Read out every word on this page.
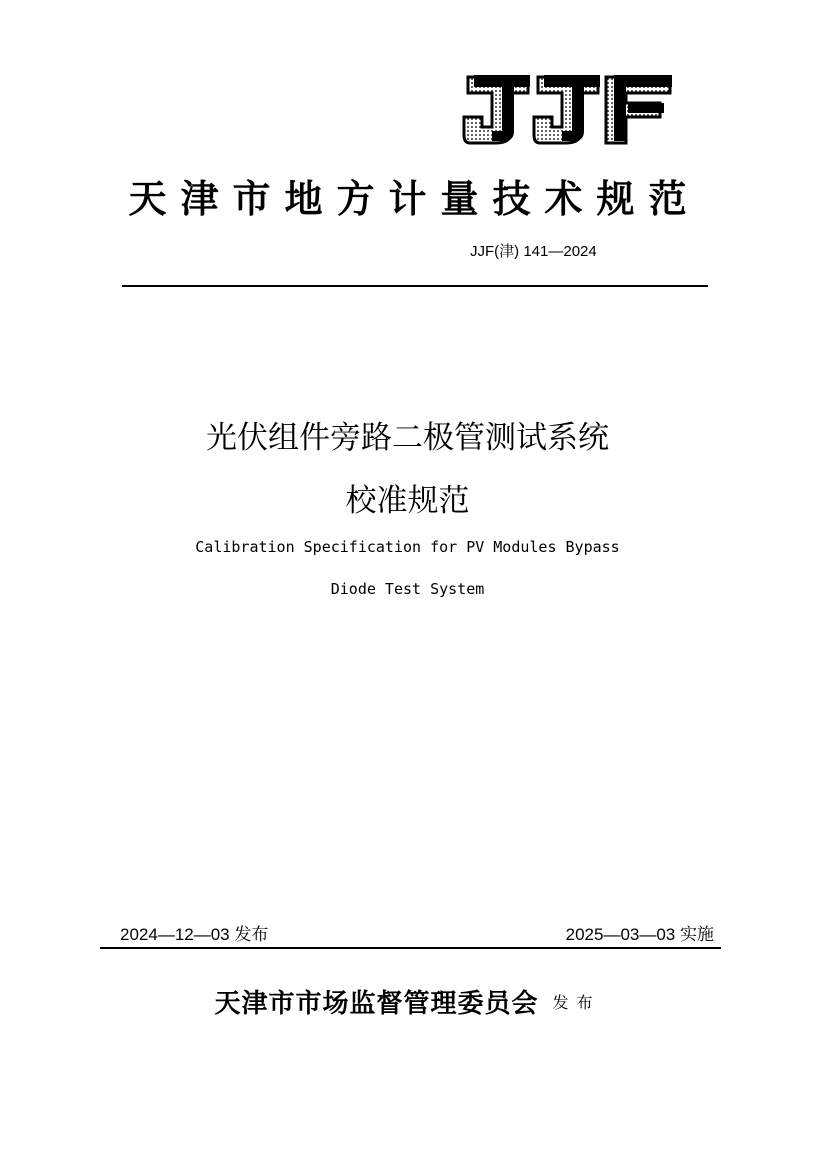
天津市地方计量技术规范
JJF(津) 141—2024
光伏组件旁路二极管测试系统
校准规范
Calibration Specification for PV Modules Bypass
Diode Test System
2024—12—03 发布	2025—03—03 实施
天津市市场监督管理委员会 发布
